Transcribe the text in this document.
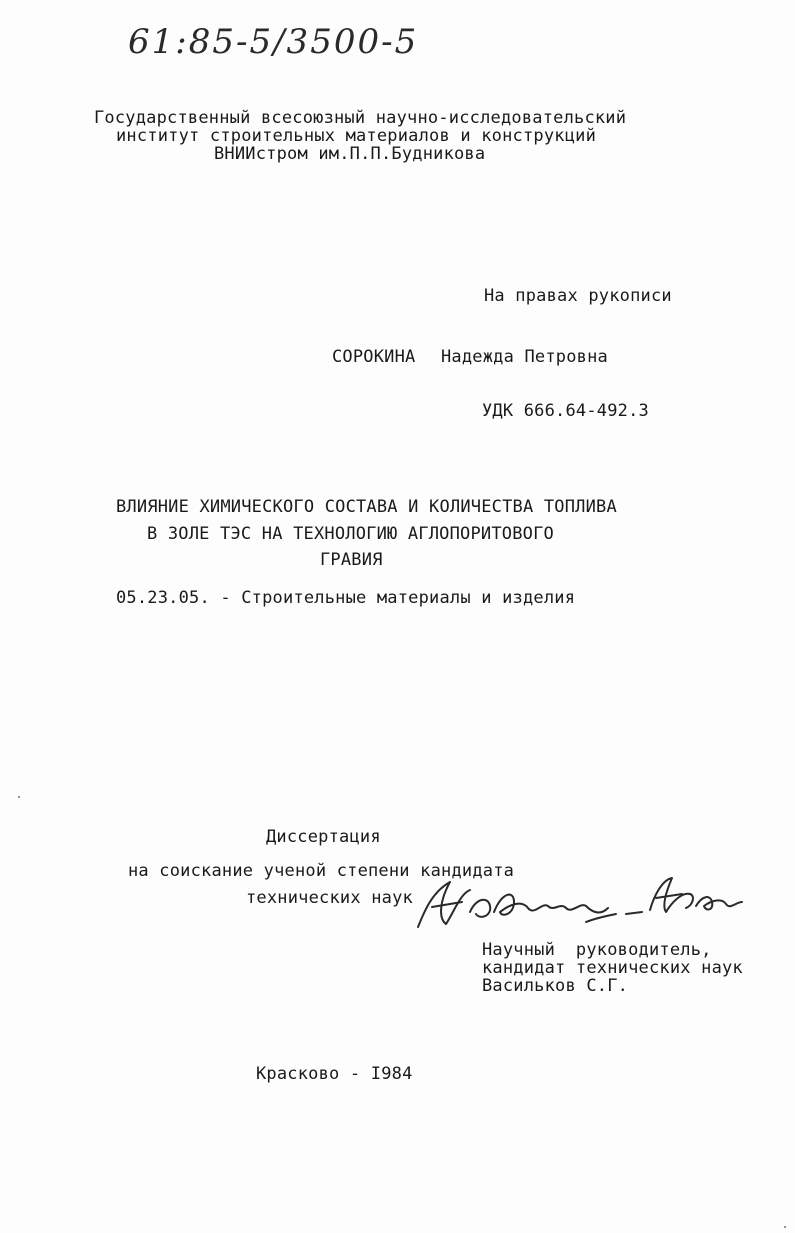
61:85-5/3500-5
Государственный всесоюзный научно-исследовательский
институт строительных материалов и конструкций
ВНИИстром им.П.П.Будникова
На правах рукописи
СОРОКИНА Надежда Петровна
УДК 666.64-492.3
ВЛИЯНИЕ ХИМИЧЕСКОГО СОСТАВА И КОЛИЧЕСТВА ТОПЛИВА
В ЗОЛЕ ТЭС НА ТЕХНОЛОГИЮ АГЛОПОРИТОВОГО
ГРАВИЯ
05.23.05. - Строительные материалы и изделия
Диссертация
на соискание ученой степени кандидата
технических наук
Научный  руководитель,
кандидат технических наук
Васильков С.Г.
Красково - I984
